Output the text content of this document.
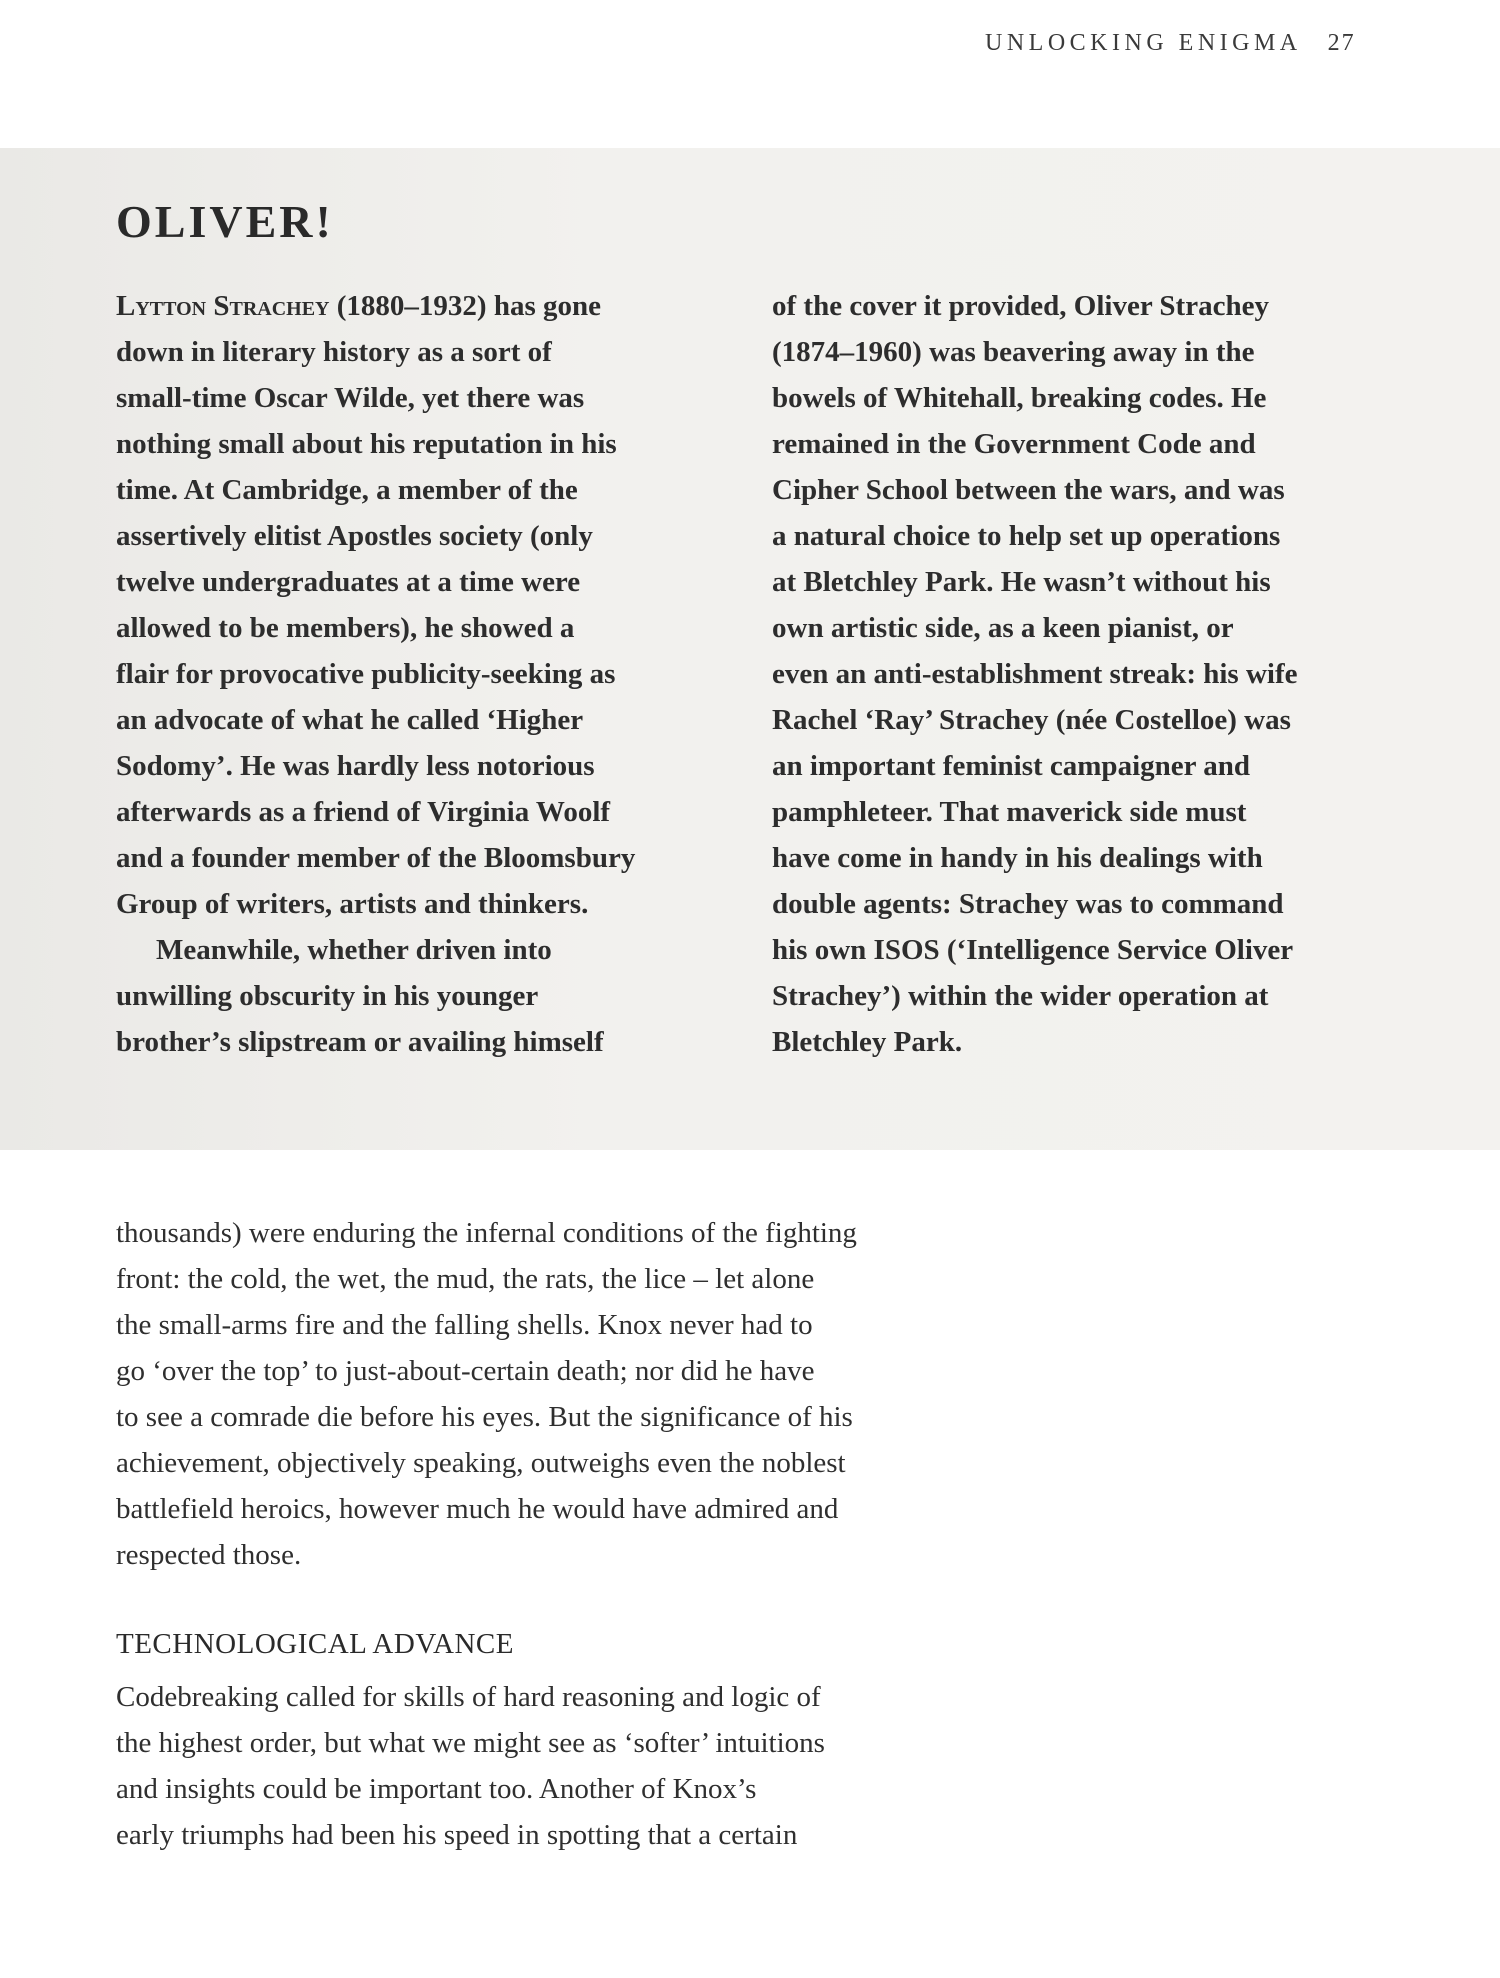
UNLOCKING ENIGMA 27
OLIVER!

Lytton Strachey (1880–1932) has gone

down in literary history as a sort of

small-time Oscar Wilde, yet there was

nothing small about his reputation in his

time. At Cambridge, a member of the

assertively elitist Apostles society (only

twelve undergraduates at a time were

allowed to be members), he showed a

flair for provocative publicity-seeking as

an advocate of what he called ‘Higher

Sodomy’. He was hardly less notorious

afterwards as a friend of Virginia Woolf

and a founder member of the Bloomsbury

Group of writers, artists and thinkers.

Meanwhile, whether driven into

unwilling obscurity in his younger

brother’s slipstream or availing himself

of the cover it provided, Oliver Strachey

(1874–1960) was beavering away in the

bowels of Whitehall, breaking codes. He

remained in the Government Code and

Cipher School between the wars, and was

a natural choice to help set up operations

at Bletchley Park. He wasn’t without his

own artistic side, as a keen pianist, or

even an anti-establishment streak: his wife

Rachel ‘Ray’ Strachey (née Costelloe) was

an important feminist campaigner and

pamphleteer. That maverick side must

have come in handy in his dealings with

double agents: Strachey was to command

his own ISOS (‘Intelligence Service Oliver

Strachey’) within the wider operation at

Bletchley Park.

thousands) were enduring the infernal conditions of the fighting

front: the cold, the wet, the mud, the rats, the lice – let alone

the small-arms fire and the falling shells. Knox never had to

go ‘over the top’ to just-about-certain death; nor did he have

to see a comrade die before his eyes. But the significance of his

achievement, objectively speaking, outweighs even the noblest

battlefield heroics, however much he would have admired and

respected those.

TECHNOLOGICAL ADVANCE

Codebreaking called for skills of hard reasoning and logic of

the highest order, but what we might see as ‘softer’ intuitions

and insights could be important too. Another of Knox’s

early triumphs had been his speed in spotting that a certain
